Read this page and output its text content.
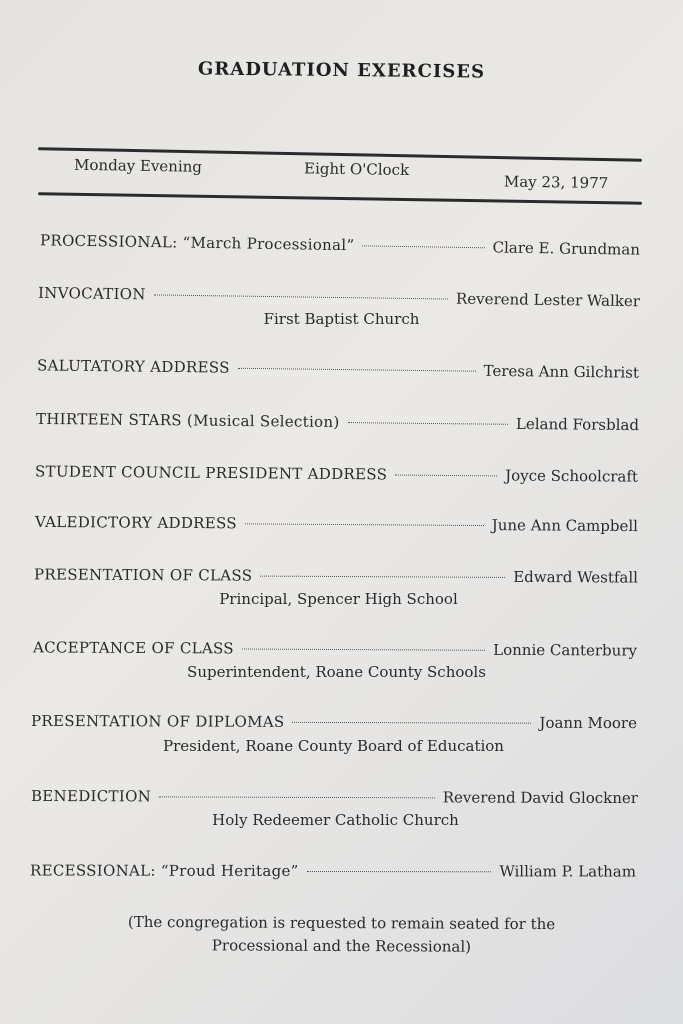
GRADUATION EXERCISES
Monday Evening	Eight O'Clock
May 23, 1977
PROCESSIONAL: “March Processional”	Clare E. Grundman
INVOCATION	Reverend Lester Walker
First Baptist Church
SALUTATORY ADDRESS	Teresa Ann Gilchrist
THIRTEEN STARS (Musical Selection)	Leland Forsblad
STUDENT COUNCIL PRESIDENT ADDRESS	Joyce Schoolcraft
VALEDICTORY ADDRESS	June Ann Campbell
PRESENTATION OF CLASS	Edward Westfall
Principal, Spencer High School
ACCEPTANCE OF CLASS	Lonnie Canterbury
Superintendent, Roane County Schools
PRESENTATION OF DIPLOMAS	Joann Moore
President, Roane County Board of Education
BENEDICTION	Reverend David Glockner
Holy Redeemer Catholic Church
RECESSIONAL: “Proud Heritage”	William P. Latham
(The congregation is requested to remain seated for the
Processional and the Recessional)
